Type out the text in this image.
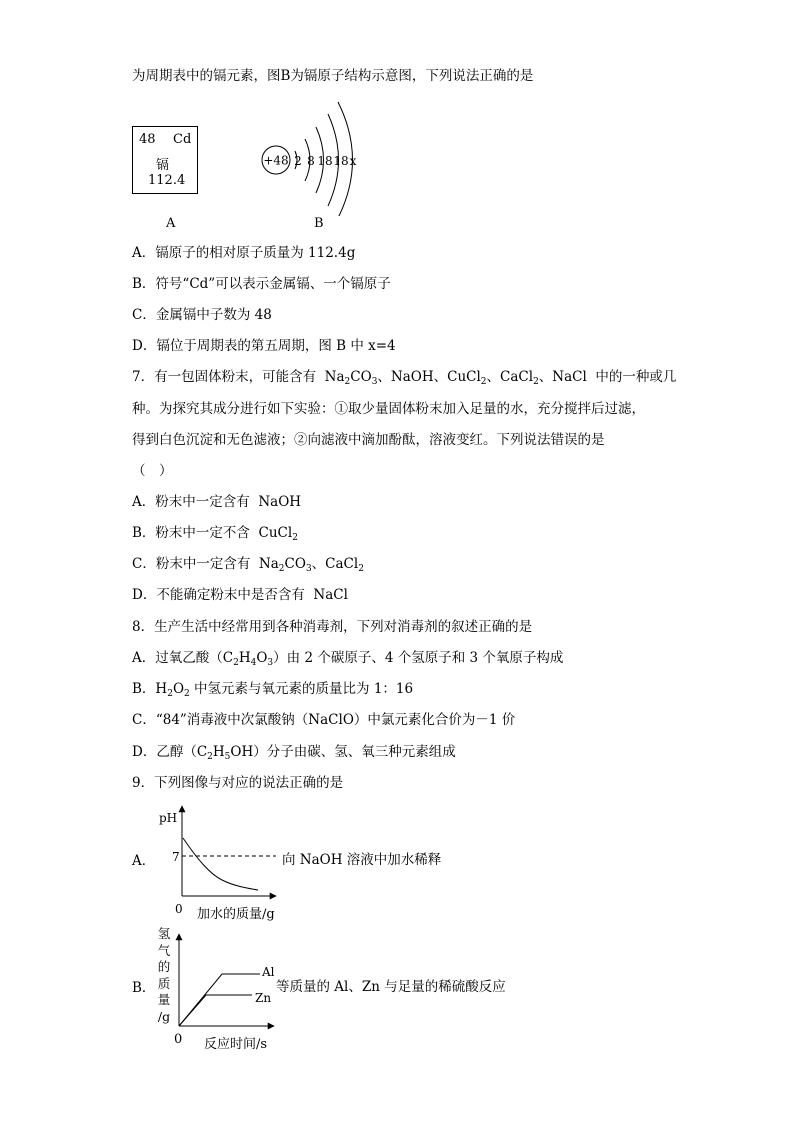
为周期表中的镉元素，图B为镉原子结构示意图，下列说法正确的是
48 Cd
镉
112.4
A
+48 2 8 18 18 x
B
A．镉原子的相对原子质量为 112.4g
B．符号“Cd”可以表示金属镉、一个镉原子
C．金属镉中子数为 48
D．镉位于周期表的第五周期，图 B 中 x=4
7．有一包固体粉末，可能含有  $Na_2CO_3$、NaOH、CuCl$_2$、CaCl$_2$、NaCl  中的一种或几
种。为探究其成分进行如下实验：①取少量固体粉末加入足量的水，充分搅拌后过滤，
得到白色沉淀和无色滤液；②向滤液中滴加酚酞，溶液变红。下列说法错误的是
（　）
A．粉末中一定含有  NaOH
B．粉末中一定不含  CuCl$_2$
C．粉末中一定含有  $Na_2CO_3$、CaCl$_2$
D．不能确定粉末中是否含有  NaCl
8．生产生活中经常用到各种消毒剂，下列对消毒剂的叙述正确的是
A．过氧乙酸$(C_2H_4O_3)$由 2 个碳原子、4 个氢原子和 3 个氧原子构成
B．$H_2O_2$ 中氢元素与氧元素的质量比为 1：16
C．“84”消毒液中次氯酸钠（NaClO）中氯元素化合价为－1 价
D．乙醇$(C_2H_5OH)$分子由碳、氢、氧三种元素组成
9．下列图像与对应的说法正确的是
A．
pH
7
0 加水的质量/g
向 NaOH 溶液中加水稀释
B．
氢
气
的
质
量
/g
Al
Zn
0 反应时间/s
等质量的 Al、Zn 与足量的稀硫酸反应
